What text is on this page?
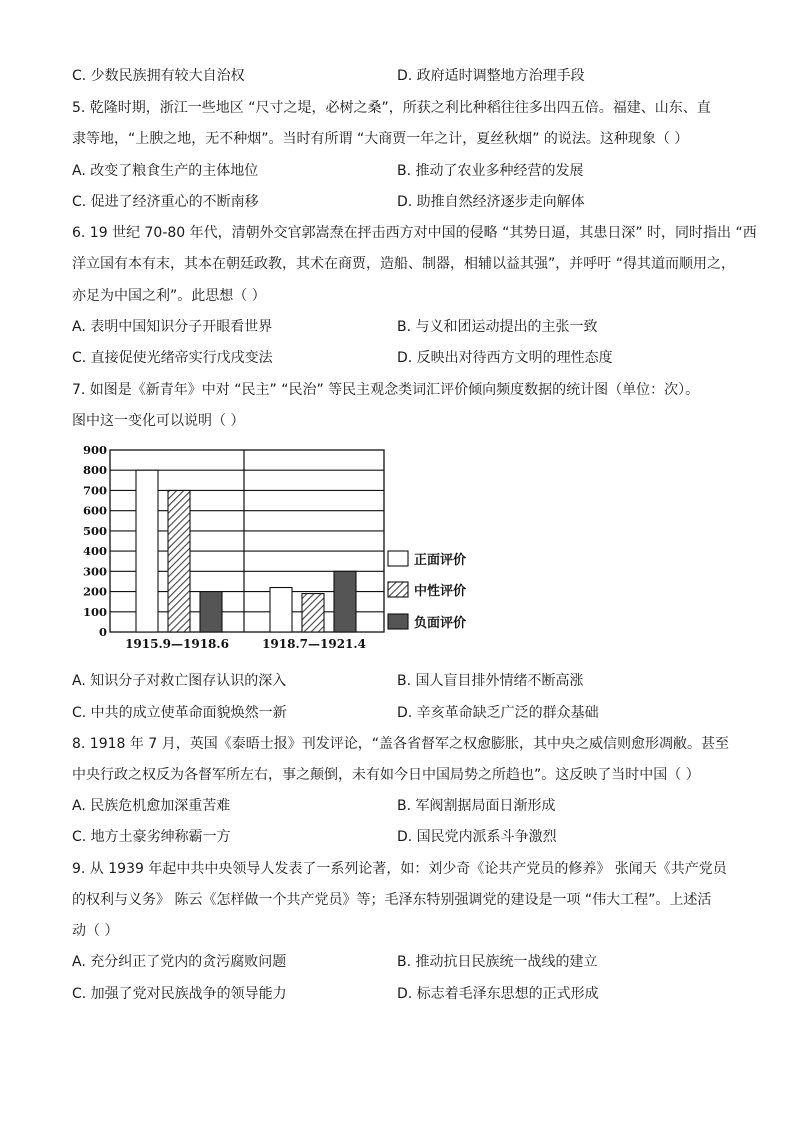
C. 少数民族拥有较大自治权	D. 政府适时调整地方治理手段
5. 乾隆时期，浙江一些地区 “尺寸之堤，必树之桑”，所获之利比种稻往往多出四五倍。福建、山东、直
隶等地，“上腴之地，无不种烟”。当时有所谓 “大商贾一年之计，夏丝秋烟” 的说法。这种现象（ ）
A. 改变了粮食生产的主体地位	B. 推动了农业多种经营的发展
C. 促进了经济重心的不断南移	D. 助推自然经济逐步走向解体
6. 19 世纪 70-80 年代，清朝外交官郭嵩焘在抨击西方对中国的侵略 “其势日逼，其患日深” 时，同时指出 “西
洋立国有本有末，其本在朝廷政教，其术在商贾，造船、制器，相辅以益其强”，并呼吁 “得其道而顺用之，
亦足为中国之利”。此思想（ ）
A. 表明中国知识分子开眼看世界	B. 与义和团运动提出的主张一致
C. 直接促使光绪帝实行戊戌变法	D. 反映出对待西方文明的理性态度
7. 如图是《新青年》中对 “民主” “民治” 等民主观念类词汇评价倾向频度数据的统计图（单位：次）。
图中这一变化可以说明（ ）
0
100
200
300
400
500
600
700
800
900
1915.9—1918.6	1918.7—1921.4
正面评价
中性评价
负面评价
A. 知识分子对救亡图存认识的深入	B. 国人盲目排外情绪不断高涨
C. 中共的成立使革命面貌焕然一新	D. 辛亥革命缺乏广泛的群众基础
8. 1918 年 7 月，英国《泰晤士报》刊发评论，“盖各省督军之权愈膨胀，其中央之威信则愈形凋敝。甚至
中央行政之权反为各督军所左右，事之颠倒，未有如今日中国局势之所趋也”。这反映了当时中国（ ）
A. 民族危机愈加深重苦难	B. 军阀割据局面日渐形成
C. 地方土豪劣绅称霸一方	D. 国民党内派系斗争激烈
9. 从 1939 年起中共中央领导人发表了一系列论著，如：刘少奇《论共产党员的修养》 张闻天《共产党员
的权利与义务》 陈云《怎样做一个共产党员》等；毛泽东特别强调党的建设是一项 “伟大工程”。上述活
动（ ）
A. 充分纠正了党内的贪污腐败问题	B. 推动抗日民族统一战线的建立
C. 加强了党对民族战争的领导能力	D. 标志着毛泽东思想的正式形成
